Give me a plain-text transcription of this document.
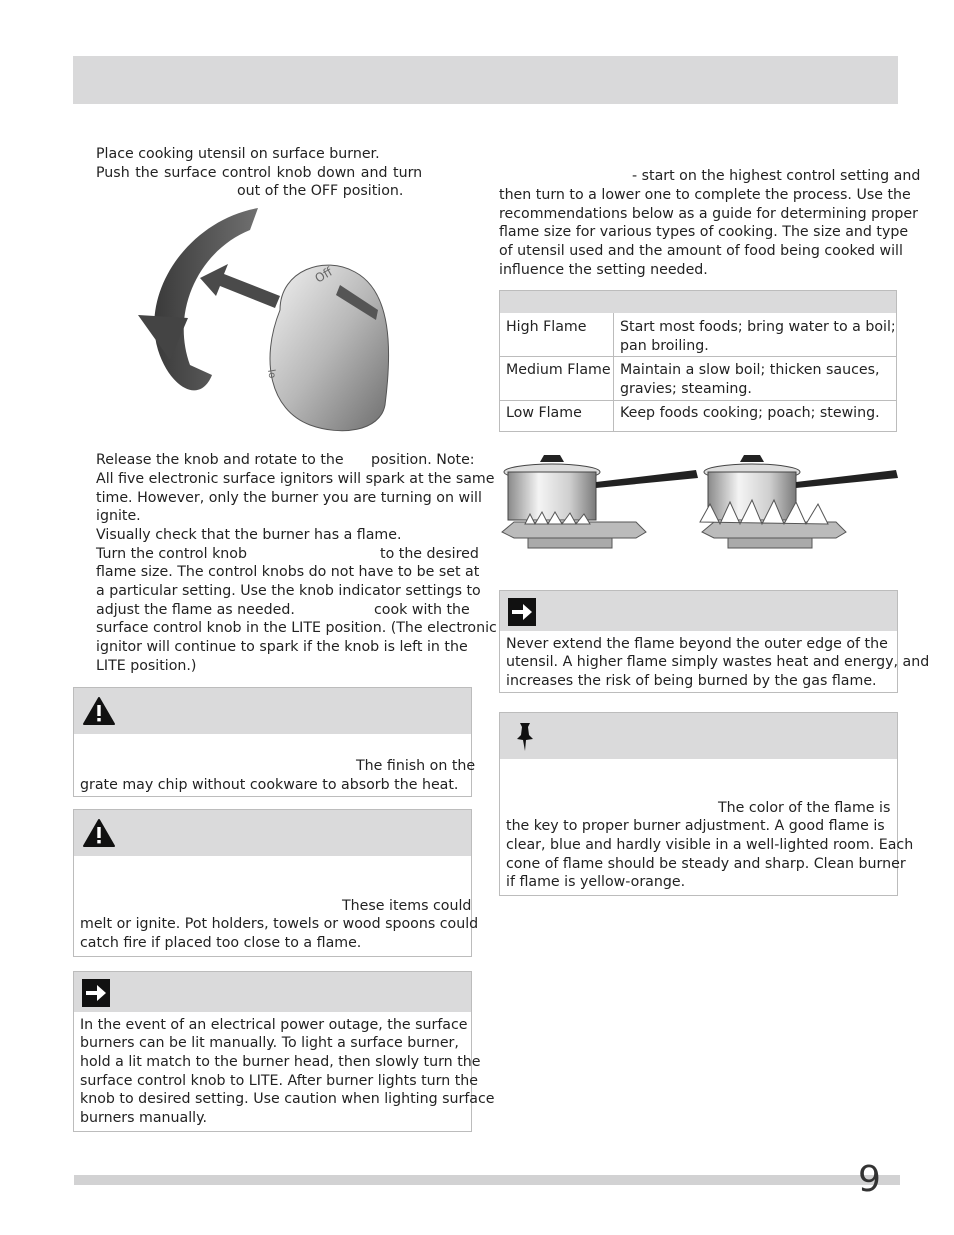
9
Place cooking utensil on surface burner.
Push the surface control knob down and turn
out of the OFF position.
Off
lo
Release the knob and rotate to the position. Note:
All five electronic surface ignitors will spark at the same
time. However, only the burner you are turning on will
ignite.
Visually check that the burner has a flame.
Turn the control knob	to the desired
flame size. The control knobs do not have to be set at
a particular setting. Use the knob indicator settings to
adjust the flame as needed.	cook with the
surface control knob in the LITE position. (The electronic
ignitor will continue to spark if the knob is left in the
LITE position.)
The finish on the
grate may chip without cookware to absorb the heat.
These items could
melt or ignite. Pot holders, towels or wood spoons could
catch fire if placed too close to a flame.
In the event of an electrical power outage, the surface
burners can be lit manually. To light a surface burner,
hold a lit match to the burner head, then slowly turn the
surface control knob to LITE. After burner lights turn the
knob to desired setting. Use caution when lighting surface
burners manually.
- start on the highest control setting and
then turn to a lower one to complete the process. Use the
recommendations below as a guide for determining proper
flame size for various types of cooking. The size and type
of utensil used and the amount of food being cooked will
influence the setting needed.
High Flame Start most foods; bring water to a boil;
pan broiling.
Medium Flame Maintain a slow boil; thicken sauces,
gravies; steaming.
Low Flame	Keep foods cooking; poach; stewing.
Never extend the flame beyond the outer edge of the
utensil. A higher flame simply wastes heat and energy, and
increases the risk of being burned by the gas flame.
The color of the flame is
the key to proper burner adjustment. A good flame is
clear, blue and hardly visible in a well-lighted room. Each
cone of flame should be steady and sharp. Clean burner
if flame is yellow-orange.
